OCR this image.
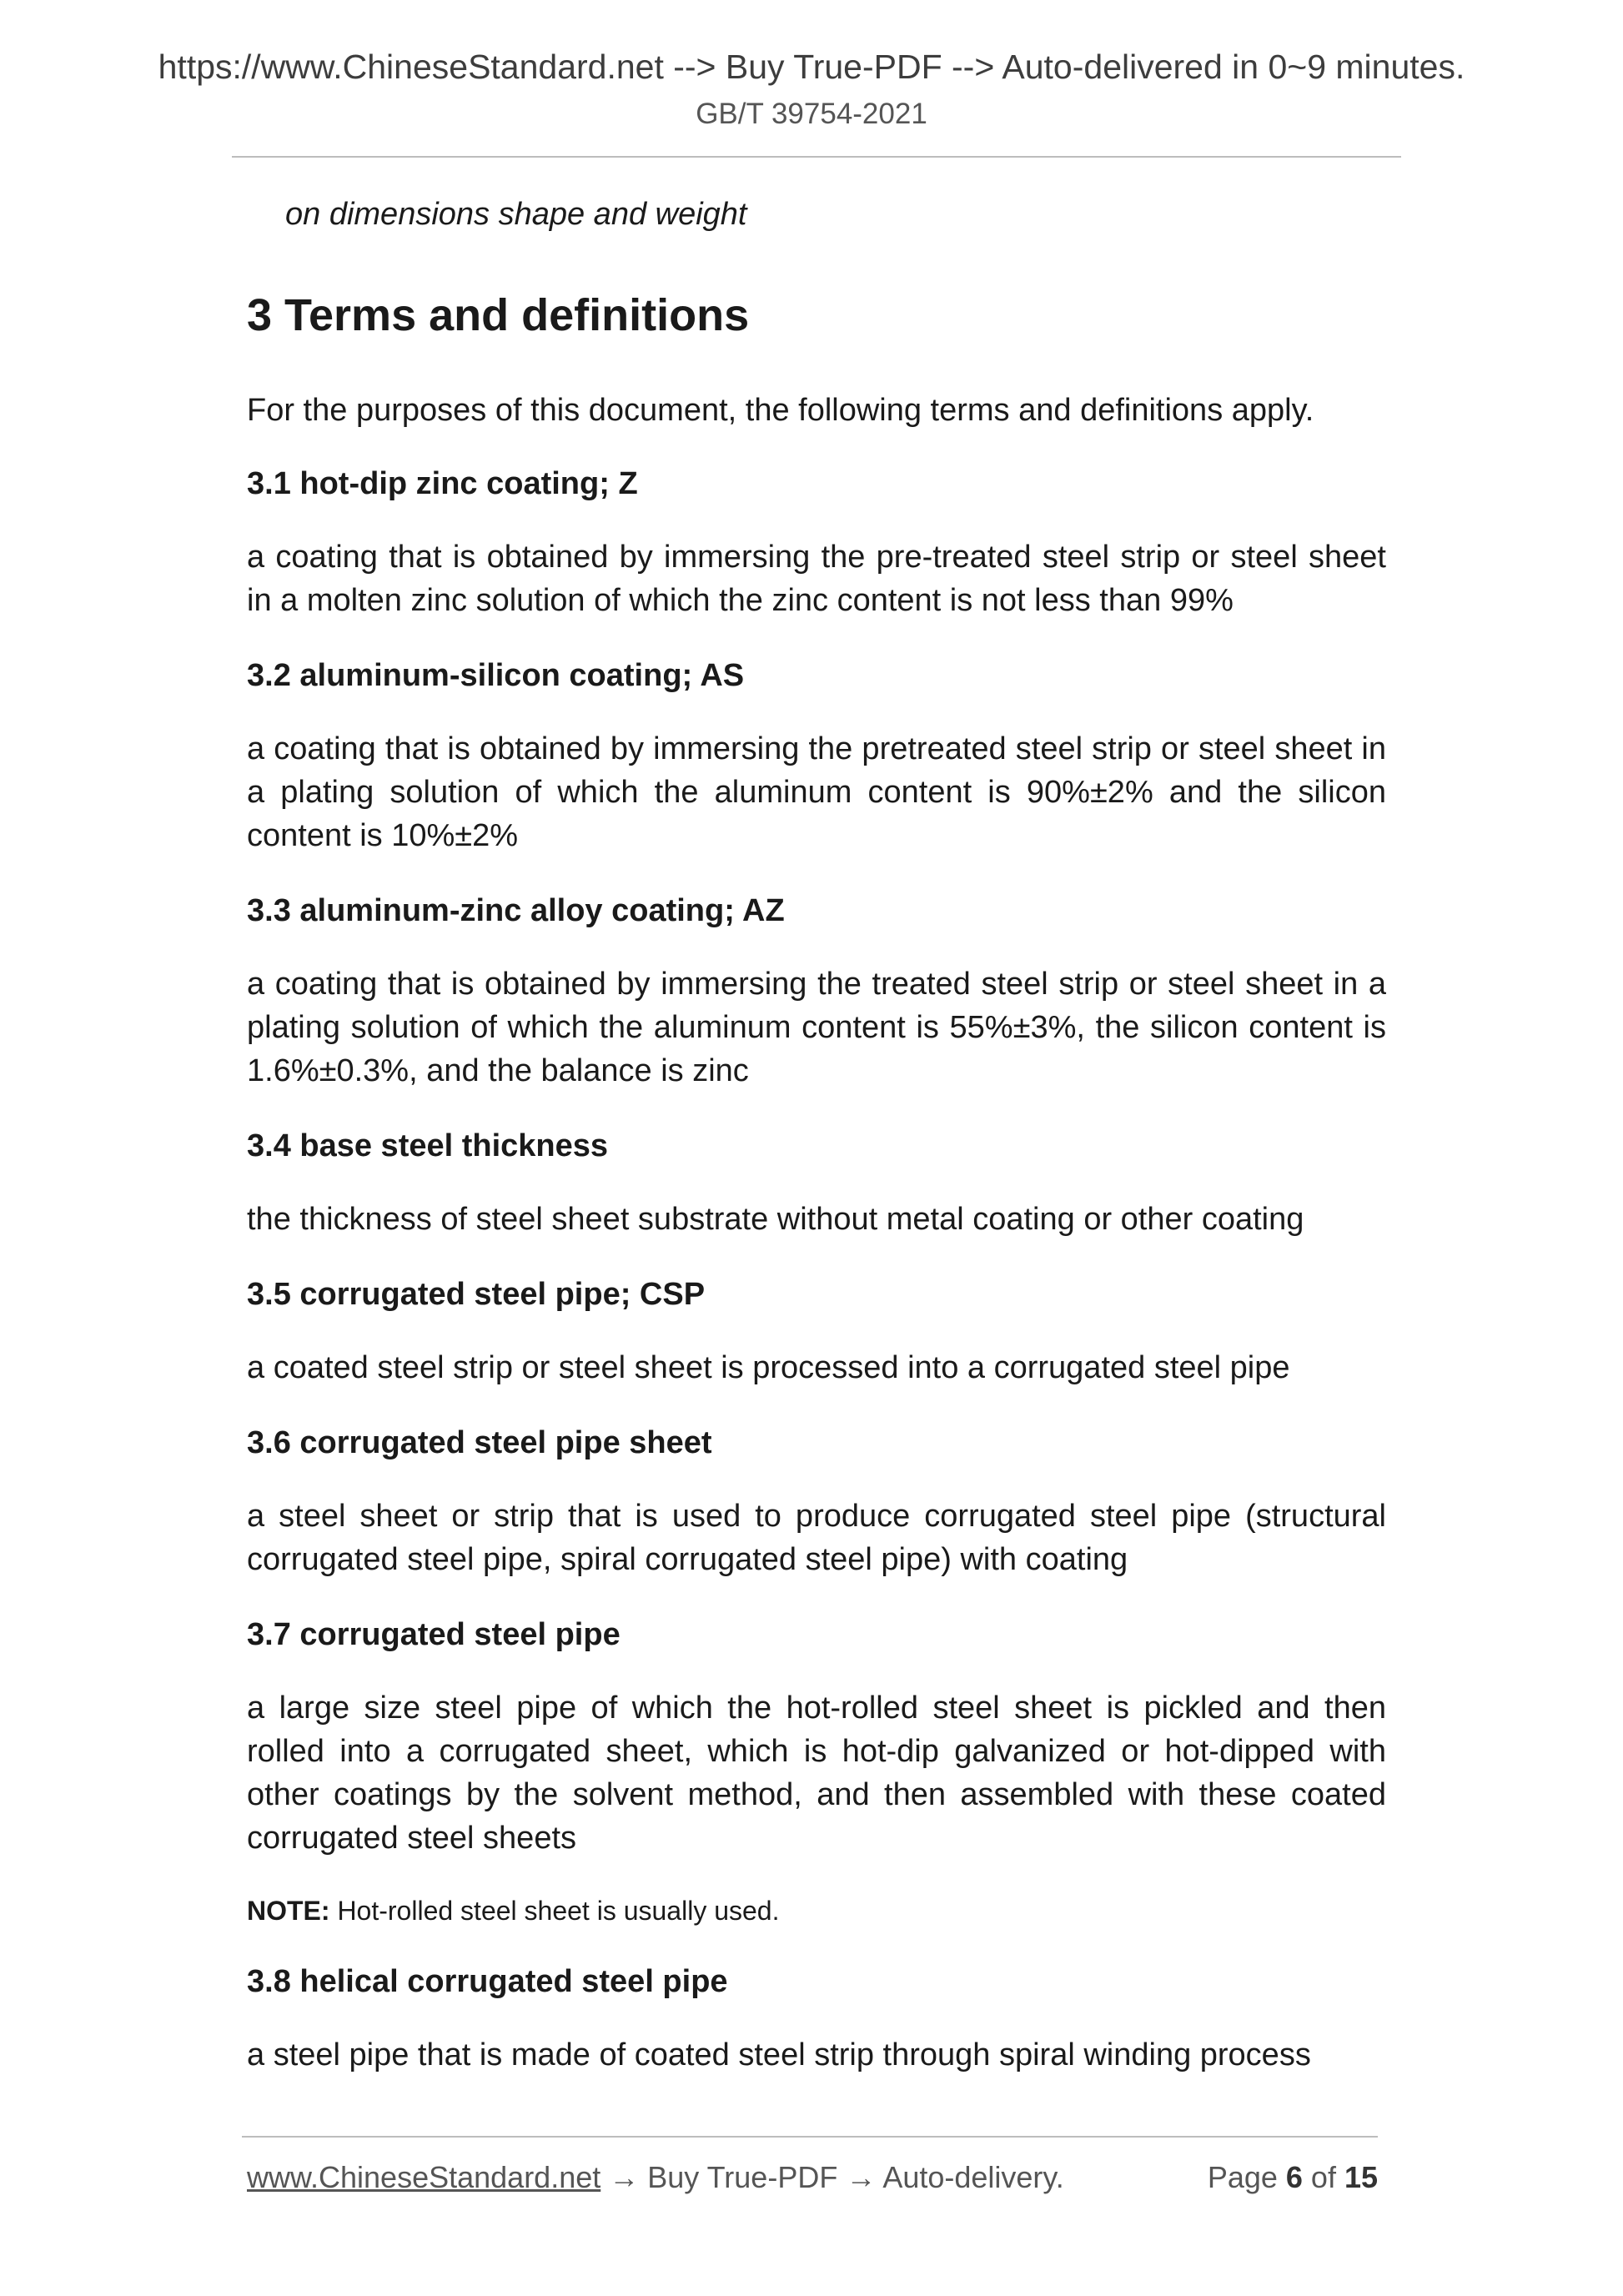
https://www.ChineseStandard.net --> Buy True-PDF --> Auto-delivered in 0~9 minutes.
GB/T 39754-2021

on dimensions shape and weight

3 Terms and definitions

For the purposes of this document, the following terms and definitions apply.

3.1 hot-dip zinc coating; Z

a coating that is obtained by immersing the pre-treated steel strip or steel sheet in a molten zinc solution of which the zinc content is not less than 99%

3.2 aluminum-silicon coating; AS

a coating that is obtained by immersing the pretreated steel strip or steel sheet in a plating solution of which the aluminum content is 90%±2% and the silicon content is 10%±2%

3.3 aluminum-zinc alloy coating; AZ

a coating that is obtained by immersing the treated steel strip or steel sheet in a plating solution of which the aluminum content is 55%±3%, the silicon content is 1.6%±0.3%, and the balance is zinc

3.4 base steel thickness

the thickness of steel sheet substrate without metal coating or other coating

3.5 corrugated steel pipe; CSP

a coated steel strip or steel sheet is processed into a corrugated steel pipe

3.6 corrugated steel pipe sheet

a steel sheet or strip that is used to produce corrugated steel pipe (structural corrugated steel pipe, spiral corrugated steel pipe) with coating

3.7 corrugated steel pipe

a large size steel pipe of which the hot-rolled steel sheet is pickled and then rolled into a corrugated sheet, which is hot-dip galvanized or hot-dipped with other coatings by the solvent method, and then assembled with these coated corrugated steel sheets

NOTE: Hot-rolled steel sheet is usually used.

3.8 helical corrugated steel pipe

a steel pipe that is made of coated steel strip through spiral winding process

www.ChineseStandard.net → Buy True-PDF → Auto-delivery.	Page 6 of 15
